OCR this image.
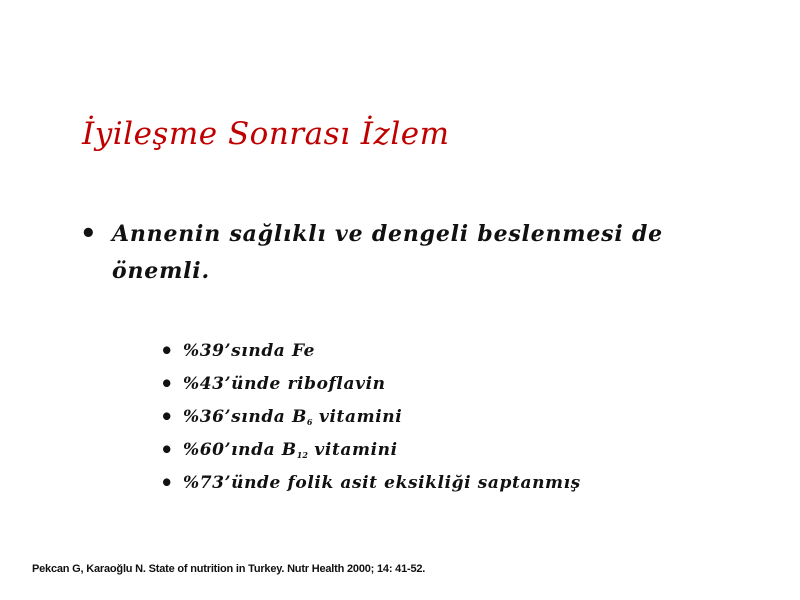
İyileşme Sonrası İzlem
• Annenin sağlıklı ve dengeli beslenmesi de önemli.
• %39’sında Fe
• %43’ünde riboflavin
• %36’sında $B_6$ vitamini
• %60’ında $B_{12}$ vitamini
• %73’ünde folik asit eksikliği saptanmış
Pekcan G, Karaoğlu N. State of nutrition in Turkey. Nutr Health 2000; 14: 41-52.
